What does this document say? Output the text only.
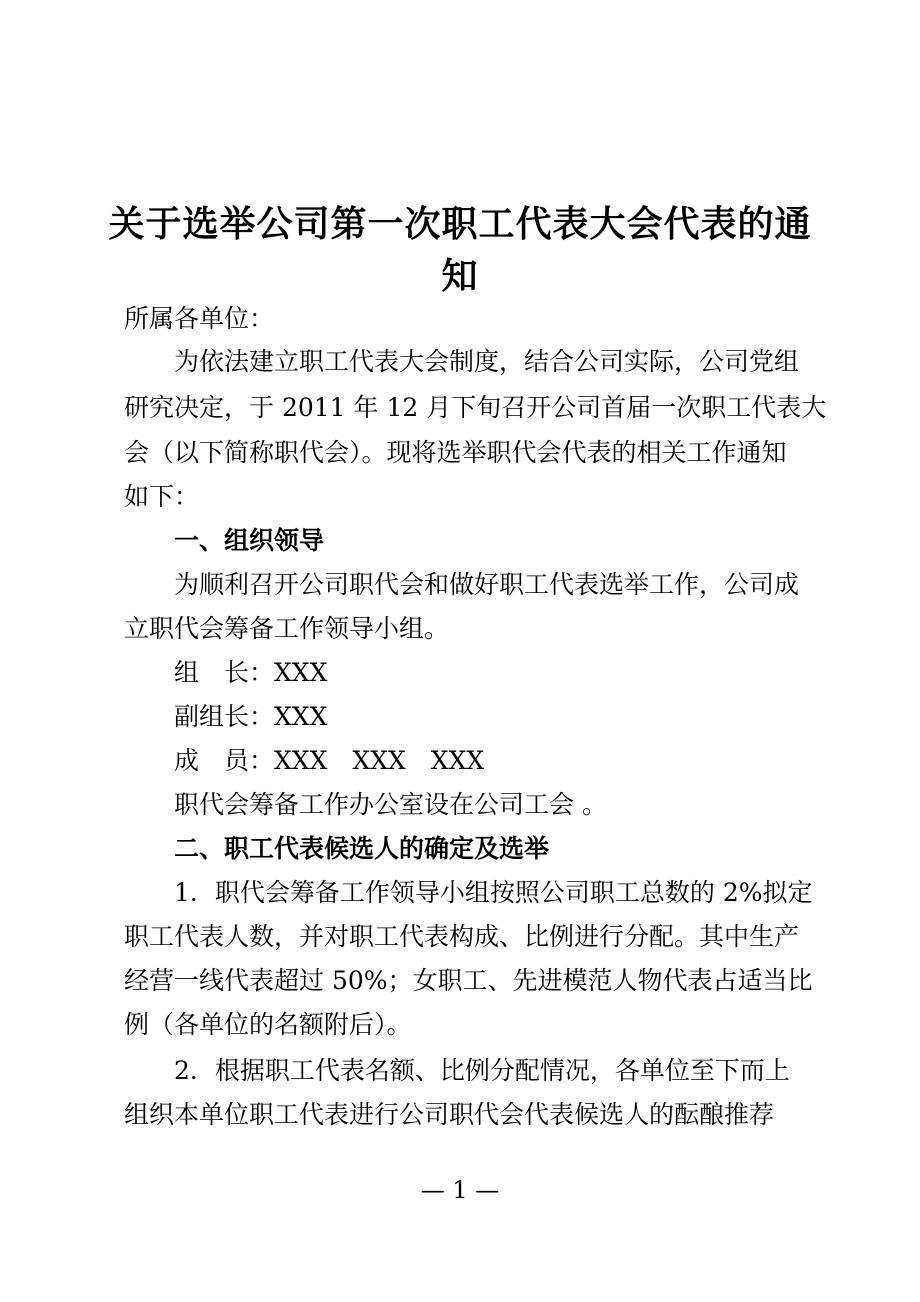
关于选举公司第一次职工代表大会代表的通
知
所属各单位：
为依法建立职工代表大会制度，结合公司实际，公司党组
研究决定，于 2011 年 12 月下旬召开公司首届一次职工代表大
会（以下简称职代会）。现将选举职代会代表的相关工作通知
如下：
一、组织领导
为顺利召开公司职代会和做好职工代表选举工作，公司成
立职代会筹备工作领导小组。
组　长：XXX
副组长：XXX
成　员：XXX　XXX　XXX
职代会筹备工作办公室设在公司工会 。
二、职工代表候选人的确定及选举
1．职代会筹备工作领导小组按照公司职工总数的 2%拟定
职工代表人数，并对职工代表构成、比例进行分配。其中生产
经营一线代表超过 50%；女职工、先进模范人物代表占适当比
例（各单位的名额附后）。
2．根据职工代表名额、比例分配情况，各单位至下而上
组织本单位职工代表进行公司职代会代表候选人的酝酿推荐
— 1 —
